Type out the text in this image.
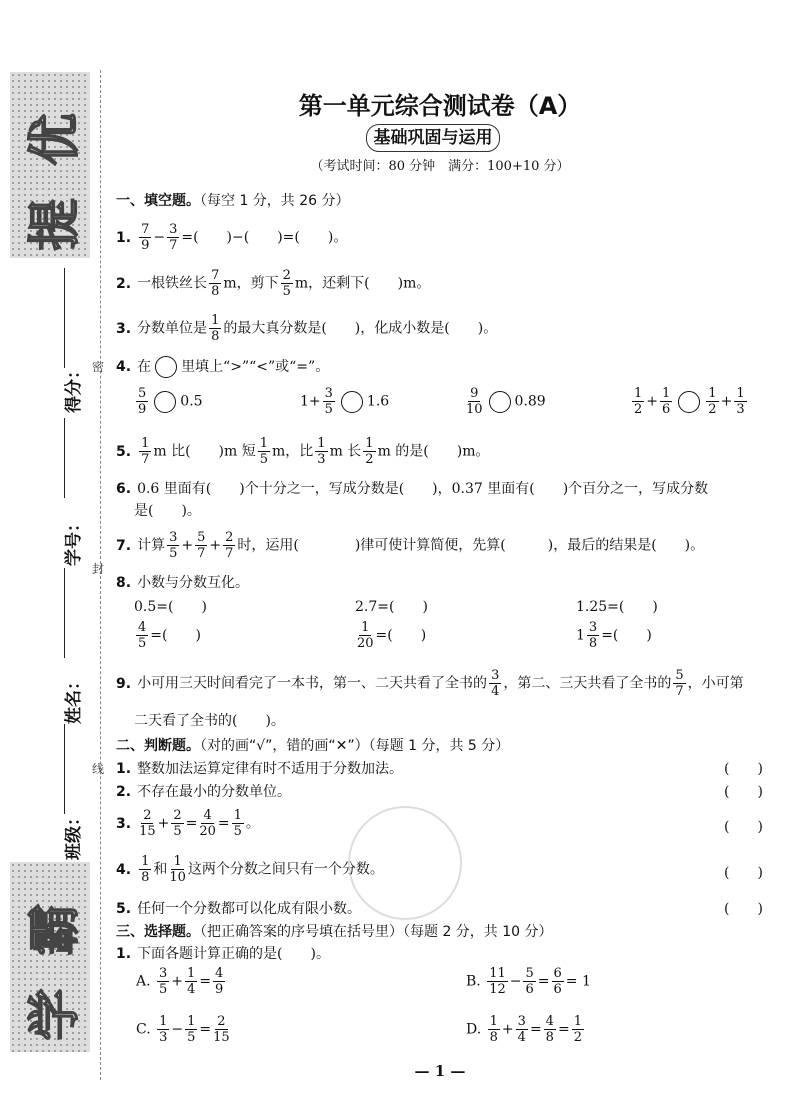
提
优
学
霸
得分：
学号：
姓名：
班级：
密
封
线
第一单元综合测试卷（A）
基础巩固与运用
（考试时间：80 分钟　满分：100+10 分）
一、填空题。（每空 1 分，共 26 分）
1. $\frac{7}{9} - \frac{3}{7}$ =(　　)−(　　)=(　　)。
2. 一根铁丝长 $\frac{7}{8}$ m，剪下 $\frac{2}{5}$ m，还剩下(　　)m。
3. 分数单位是 $\frac{1}{8}$ 的最大真分数是(　　)，化成小数是(　　)。
4. 在 里填上“>”“<”或“=”。
$\frac{5}{9} 0.5$	$1+ \frac{3}{5} 1.6$	$\frac{9}{10} 0.89$	$\frac{1}{2} + \frac{1}{6}$	$\frac{1}{2} + \frac{1}{3}$
5. $\frac{1}{7}$ m 比(　　)m 短 $\frac{1}{5}$ m，比 $\frac{1}{3}$ m 长 $\frac{1}{2}$ m 的是(　　)m。
6. 0.6 里面有(　　)个十分之一，写成分数是(　　)，0.37 里面有(　　)个百分之一，写成分数
是(　　)。
7. 计算 $\frac{3}{5} + \frac{5}{7} + \frac{2}{7}$ 时，运用(　　　　)律可使计算简便，先算(　　　)，最后的结果是(　　)。
8. 小数与分数互化。
0.5=(　　)	2.7=(　　)	1.25=(　　)
$\frac{4}{5}$ =(　　)	$\frac{1}{20}$ =(　　)	$1 \frac{3}{8}$ =(　　)
9. 小可用三天时间看完了一本书，第一、二天共看了全书的 $\frac{3}{4}$ ，第二、三天共看了全书的 $\frac{5}{7}$ ，小可第
二天看了全书的(　　)。
二、判断题。（对的画“√”，错的画“✕”）（每题 1 分，共 5 分）
1. 整数加法运算定律有时不适用于分数加法。	(　　)
2. 不存在最小的分数单位。	(　　)
3. $\frac{2}{15} + \frac{2}{5} = \frac{4}{20} = \frac{1}{5}$ 。	(　　)
4. $\frac{1}{8}$ 和 $\frac{1}{10}$ 这两个分数之间只有一个分数。	(　　)
5. 任何一个分数都可以化成有限小数。	(　　)
三、选择题。（把正确答案的序号填在括号里）（每题 2 分，共 10 分）
1. 下面各题计算正确的是(　　)。
A. $\frac{3}{5} + \frac{1}{4} = \frac{4}{9}$	B. $\frac{11}{12} - \frac{5}{6} = \frac{6}{6} = 1$
C. $\frac{1}{3} - \frac{1}{5} = \frac{2}{15}$	D. $\frac{1}{8} + \frac{3}{4} = \frac{4}{8} = \frac{1}{2}$
— 1 —
